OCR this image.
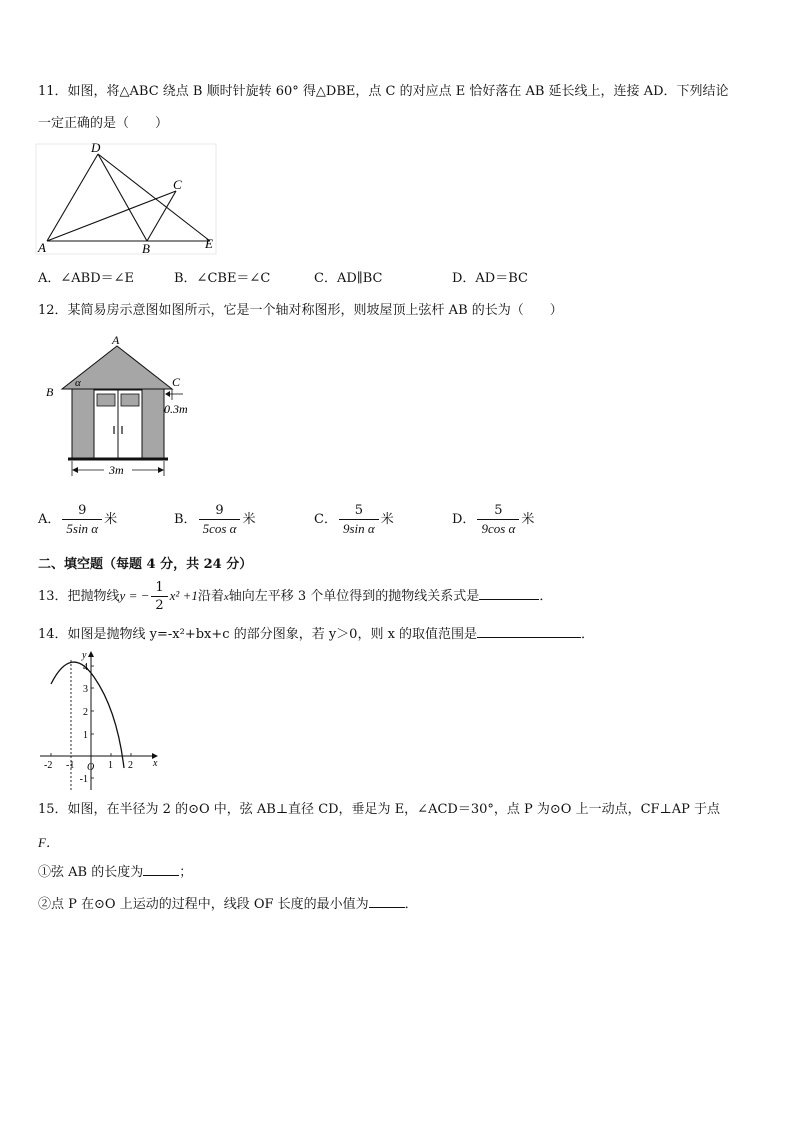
11．如图，将△ABC 绕点 B 顺时针旋转 60° 得△DBE，点 C 的对应点 E 恰好落在 AB 延长线上，连接 AD．下列结论
一定正确的是（　　）
D
C
A	B	E
A．∠ABD＝∠E	B．∠CBE＝∠C	C．AD∥BC	D．AD＝BC
12．某简易房示意图如图所示，它是一个轴对称图形，则坡屋顶上弦杆 AB 的长为（　　）
A
B
C
α
0.3m
3m
A． $\frac{9}{\text{5sin α}}$ 米	B． $\frac{9}{\text{5cos α}}$ 米	C． $\frac{5}{\text{9sin α}}$ 米	D． $\frac{5}{\text{9cos α}}$ 米
二、填空题（每题 4 分，共 24 分）
13．把抛物线y = − $\frac{1}{2} x^2 +1$沿着x轴向左平移 3 个单位得到的抛物线关系式是	．
14．如图是抛物线 y=-x²+bx+c 的部分图象，若 y＞0，则 x 的取值范围是	．
y
x
O
-2 -1	1 2
4
3
2
1
-1
15．如图，在半径为 2 的⊙O 中，弦 AB⊥直径 CD，垂足为 E，∠ACD＝30°，点 P 为⊙O 上一动点，CF⊥AP 于点
F．
①弦 AB 的长度为	；
②点 P 在⊙O 上运动的过程中，线段 OF 长度的最小值为	．
